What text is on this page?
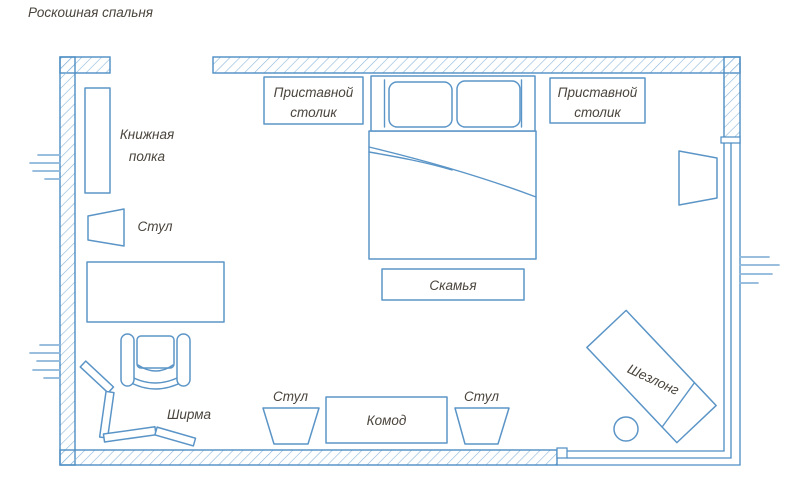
Роскошная спальня
Книжная
полка
Стул
Приставной
столик
Приставной
столик
Скамья
Ширма
Стул
Комод
Стул	Шезлонг
